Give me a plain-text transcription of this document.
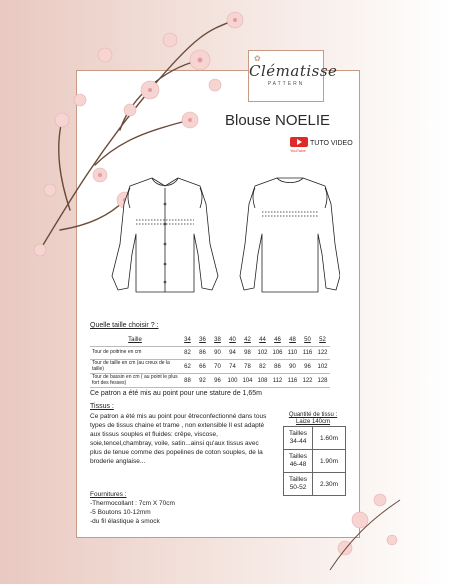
✿
Clématisse
PATTERN
Blouse NOELIE
YouTube
TUTO VIDEO
Quelle taille choisir ? :
Taille	34	36	38	40	42	44	46	48	50	52
Tour de poitrine en cm	82	86	90	94	98	102	106	110	116	122
Tour de taille en cm (au creux de la taille)	62	66	70	74	78	82	86	90	96	102
Tour de bassin en cm ( au point le plus fort des fesses)	88	92	96	100	104	108	112	116	122	128
Ce patron a été mis au point pour une stature de 1,65m
Tissus :

Ce patron a été mis au point pour êtreconfectionné dans tous types de tissus chaine et trame , non extensible Il est adapté aux tissus souples et fluides: crêpe, viscose, soie,tencel,chambray, voile, satin...ainsi qu'aux tissus avec plus de tenue comme des popelines de coton souples, de la broderie anglaise...

Fournitures :
-Thermocollant : 7cm X 70cm
-5 Boutons 10-12mm
-du fil élastique à smock
Quantité de tissu : Laize 140cm
Tailles
34-44	1.60m
Tailles
46-48	1.90m
Tailles
50-52	2.30m
